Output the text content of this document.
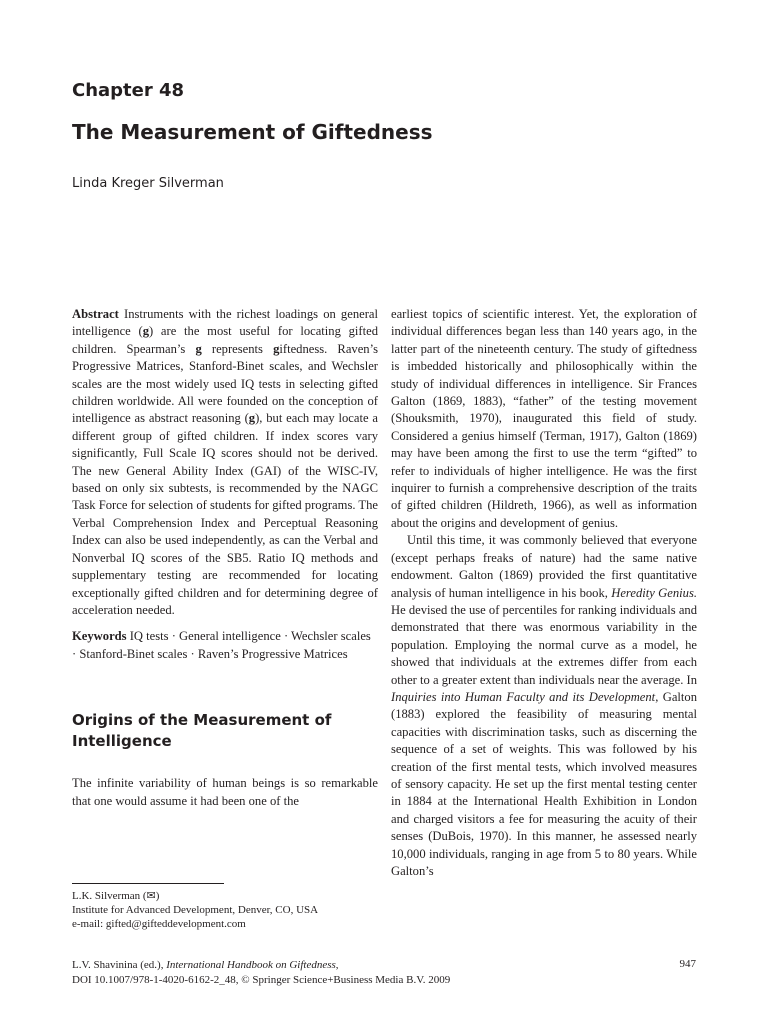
Chapter 48
The Measurement of Giftedness
Linda Kreger Silverman

Abstract Instruments with the richest loadings on general intelligence (g) are the most useful for locating gifted children. Spearman’s g represents giftedness. Raven’s Progressive Matrices, Stanford-Binet scales, and Wechsler scales are the most widely used IQ tests in selecting gifted children worldwide. All were founded on the conception of intelligence as abstract reasoning (g), but each may locate a different group of gifted children. If index scores vary significantly, Full Scale IQ scores should not be derived. The new General Ability Index (GAI) of the WISC-IV, based on only six subtests, is recommended by the NAGC Task Force for selection of students for gifted programs. The Verbal Comprehension Index and Perceptual Reasoning Index can also be used independently, as can the Verbal and Nonverbal IQ scores of the SB5. Ratio IQ methods and supplementary testing are recommended for locating exceptionally gifted children and for determining degree of acceleration needed.

Keywords IQ tests · General intelligence · Wechsler scales · Stanford-Binet scales · Raven’s Progressive Matrices

Origins of the Measurement of Intelligence

The infinite variability of human beings is so remarkable that one would assume it had been one of the

earliest topics of scientific interest. Yet, the exploration of individual differences began less than 140 years ago, in the latter part of the nineteenth century. The study of giftedness is imbedded historically and philosophically within the study of individual differences in intelligence. Sir Frances Galton (1869, 1883), “father” of the testing movement (Shouksmith, 1970), inaugurated this field of study. Considered a genius himself (Terman, 1917), Galton (1869) may have been among the first to use the term “gifted” to refer to individuals of higher intelligence. He was the first inquirer to furnish a comprehensive description of the traits of gifted children (Hildreth, 1966), as well as information about the origins and development of genius.

Until this time, it was commonly believed that everyone (except perhaps freaks of nature) had the same native endowment. Galton (1869) provided the first quantitative analysis of human intelligence in his book, Heredity Genius. He devised the use of percentiles for ranking individuals and demonstrated that there was enormous variability in the population. Employing the normal curve as a model, he showed that individuals at the extremes differ from each other to a greater extent than individuals near the average. In Inquiries into Human Faculty and its Development, Galton (1883) explored the feasibility of measuring mental capacities with discrimination tasks, such as discerning the sequence of a set of weights. This was followed by his creation of the first mental tests, which involved measures of sensory capacity. He set up the first mental testing center in 1884 at the International Health Exhibition in London and charged visitors a fee for measuring the acuity of their senses (DuBois, 1970). In this manner, he assessed nearly 10,000 individuals, ranging in age from 5 to 80 years. While Galton’s

L.K. Silverman (✉)
Institute for Advanced Development, Denver, CO, USA
e-mail: gifted@gifteddevelopment.com
L.V. Shavinina (ed.), International Handbook on Giftedness,
DOI 10.1007/978-1-4020-6162-2_48, © Springer Science+Business Media B.V. 2009
947
